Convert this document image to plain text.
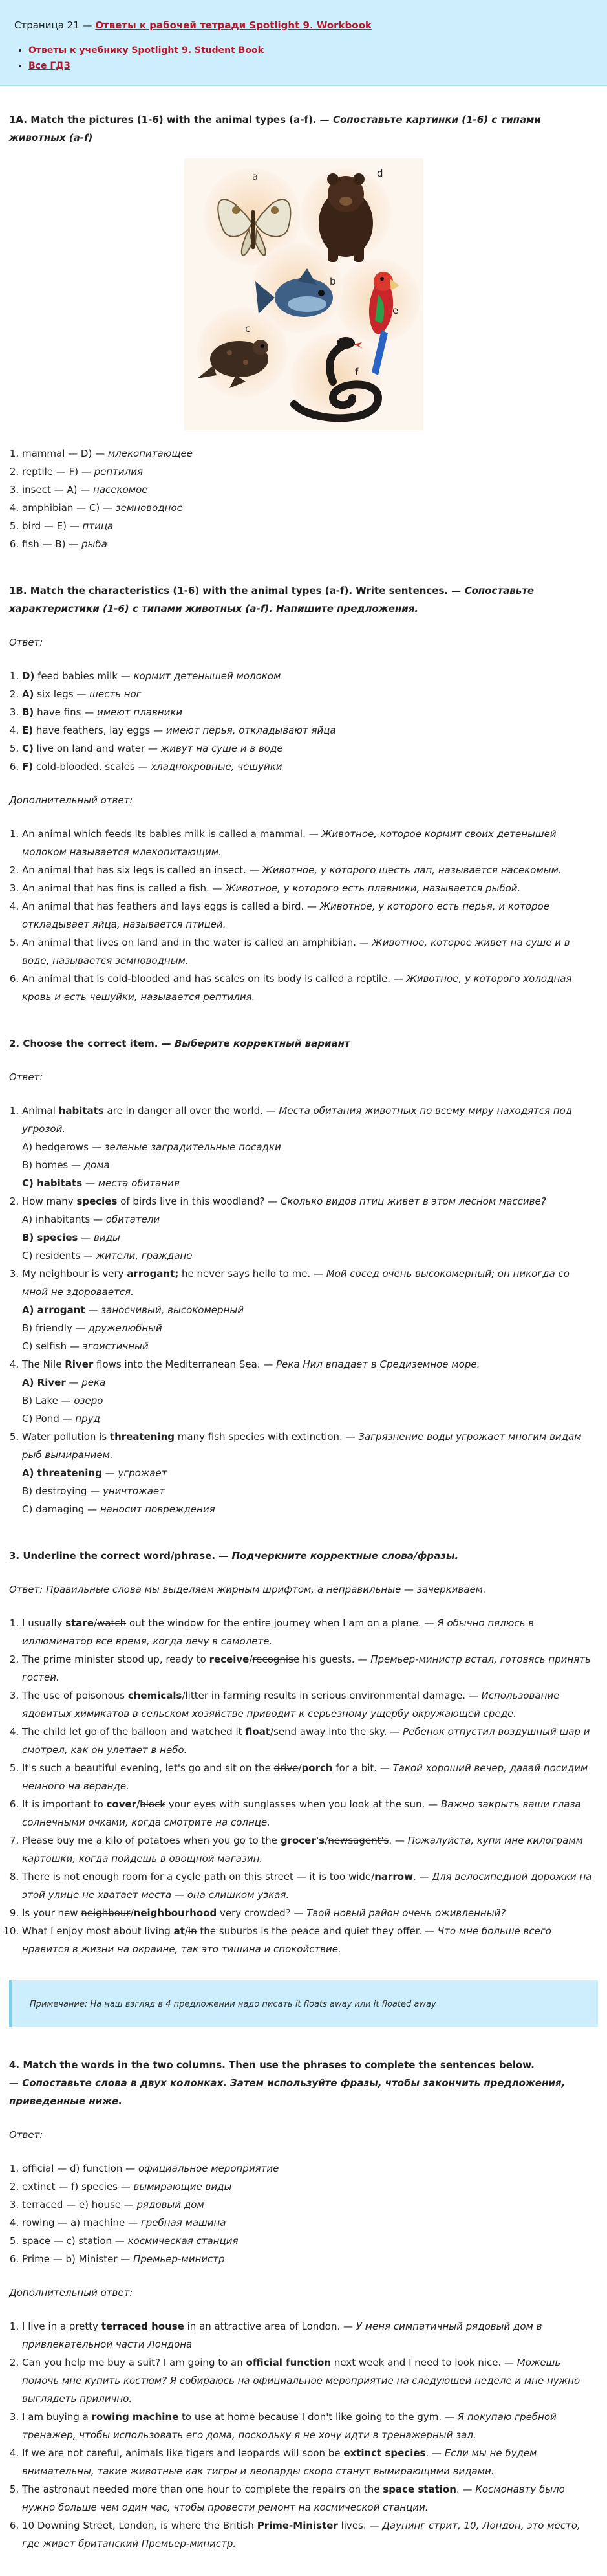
Страница 21 — Ответы к рабочей тетради Spotlight 9. Workbook
• Ответы к учебнику Spotlight 9. Student Book
• Все ГДЗ
1A. Match the pictures (1-6) with the animal types (a-f). — Сопоставьте картинки (1-6) с типами животных (a-f)
a	d
b
e
c
f
1. mammal — D) — млекопитающее
2. reptile — F) — рептилия
3. insect — A) — насекомое
4. amphibian — C) — земноводное
5. bird — E) — птица
6. fish — B) — рыба
1B. Match the characteristics (1-6) with the animal types (a-f). Write sentences. — Сопоставьте характеристики (1-6) с типами животных (a-f). Напишите предложения.

Ответ:

1. D) feed babies milk — кормит детенышей молоком
2. A) six legs — шесть ног
3. B) have fins — имеют плавники
4. E) have feathers, lay eggs — имеют перья, откладывают яйца
5. C) live on land and water — живут на суше и в воде
6. F) cold-blooded, scales — хладнокровные, чешуйки

Дополнительный ответ:

1. An animal which feeds its babies milk is called a mammal. — Животное, которое кормит своих детенышей молоком называется млекопитающим.
2. An animal that has six legs is called an insect. — Животное, у которого шесть лап, называется насекомым.
3. An animal that has fins is called a fish. — Животное, у которого есть плавники, называется рыбой.
4. An animal that has feathers and lays eggs is called a bird. — Животное, у которого есть перья, и которое откладывает яйца, называется птицей.
5. An animal that lives on land and in the water is called an amphibian. — Животное, которое живет на суше и в воде, называется земноводным.
6. An animal that is cold-blooded and has scales on its body is called a reptile. — Животное, у которого холодная кровь и есть чешуйки, называется рептилия.
2. Choose the correct item. — Выберите корректный вариант

Ответ:

1. Animal habitats are in danger all over the world. — Места обитания животных по всему миру находятся под угрозой.
A) hedgerows — зеленые заградительные посадки
B) homes — дома
C) habitats — места обитания
2. How many species of birds live in this woodland? — Сколько видов птиц живет в этом лесном массиве?
A) inhabitants — обитатели
B) species — виды
C) residents — жители, граждане
3. My neighbour is very arrogant; he never says hello to me. — Мой сосед очень высокомерный; он никогда со мной не здоровается.
A) arrogant — заносчивый, высокомерный
B) friendly — дружелюбный
C) selfish — эгоистичный
4. The Nile River flows into the Mediterranean Sea. — Река Нил впадает в Средиземное море.
A) River — река
B) Lake — озеро
C) Pond — пруд
5. Water pollution is threatening many fish species with extinction. — Загрязнение воды угрожает многим видам рыб вымиранием.
A) threatening — угрожает
B) destroying — уничтожает
C) damaging — наносит повреждения
3. Underline the correct word/phrase. — Подчеркните корректные слова/фразы.

Ответ: Правильные слова мы выделяем жирным шрифтом, а неправильные — зачеркиваем.

1. I usually stare/watch out the window for the entire journey when I am on a plane. — Я обычно пялюсь в иллюминатор все время, когда лечу в самолете.
2. The prime minister stood up, ready to receive/recognise his guests. — Премьер-министр встал, готовясь принять гостей.
3. The use of poisonous chemicals/litter in farming results in serious environmental damage. — Использование ядовитых химикатов в сельском хозяйстве приводит к серьезному ущербу окружающей среде.
4. The child let go of the balloon and watched it float/send away into the sky. — Ребенок отпустил воздушный шар и смотрел, как он улетает в небо.
5. It's such a beautiful evening, let's go and sit on the drive/porch for a bit. — Такой хороший вечер, давай посидим немного на веранде.
6. It is important to cover/block your eyes with sunglasses when you look at the sun. — Важно закрыть ваши глаза солнечными очками, когда смотрите на солнце.
7. Please buy me a kilo of potatoes when you go to the grocer's/newsagent's. — Пожалуйста, купи мне килограмм картошки, когда пойдешь в овощной магазин.
8. There is not enough room for a cycle path on this street — it is too wide/narrow. — Для велосипедной дорожки на этой улице не хватает места — она слишком узкая.
9. Is your new neighbour/neighbourhood very crowded? — Твой новый район очень оживленный?
10. What I enjoy most about living at/in the suburbs is the peace and quiet they offer. — Что мне больше всего нравится в жизни на окраине, так это тишина и спокойствие.
Примечание: На наш взгляд в 4 предложении надо писать it floats away или it floated away
4. Match the words in the two columns. Then use the phrases to complete the sentences below.
— Сопоставьте слова в двух колонках. Затем используйте фразы, чтобы закончить предложения, приведенные ниже.

Ответ:

1. official — d) function — официальное мероприятие
2. extinct — f) species — вымирающие виды
3. terraced — e) house — рядовый дом
4. rowing — a) machine — гребная машина
5. space — c) station — космическая станция
6. Prime — b) Minister — Премьер-министр

Дополнительный ответ:

1. I live in a pretty terraced house in an attractive area of London. — У меня симпатичный рядовый дом в привлекательной части Лондона
2. Can you help me buy a suit? I am going to an official function next week and I need to look nice. — Можешь помочь мне купить костюм? Я собираюсь на официальное мероприятие на следующей неделе и мне нужно выглядеть прилично.
3. I am buying a rowing machine to use at home because I don't like going to the gym. — Я покупаю гребной тренажер, чтобы использовать его дома, поскольку я не хочу идти в тренажерный зал.
4. If we are not careful, animals like tigers and leopards will soon be extinct species. — Если мы не будем внимательны, такие животные как тигры и леопарды скоро станут вымирающими видами.
5. The astronaut needed more than one hour to complete the repairs on the space station. — Космонавту было нужно больше чем один час, чтобы провести ремонт на космической станции.
6. 10 Downing Street, London, is where the British Prime-Minister lives. — Даунинг стрит, 10, Лондон, это место, где живет британский Премьер-министр.
